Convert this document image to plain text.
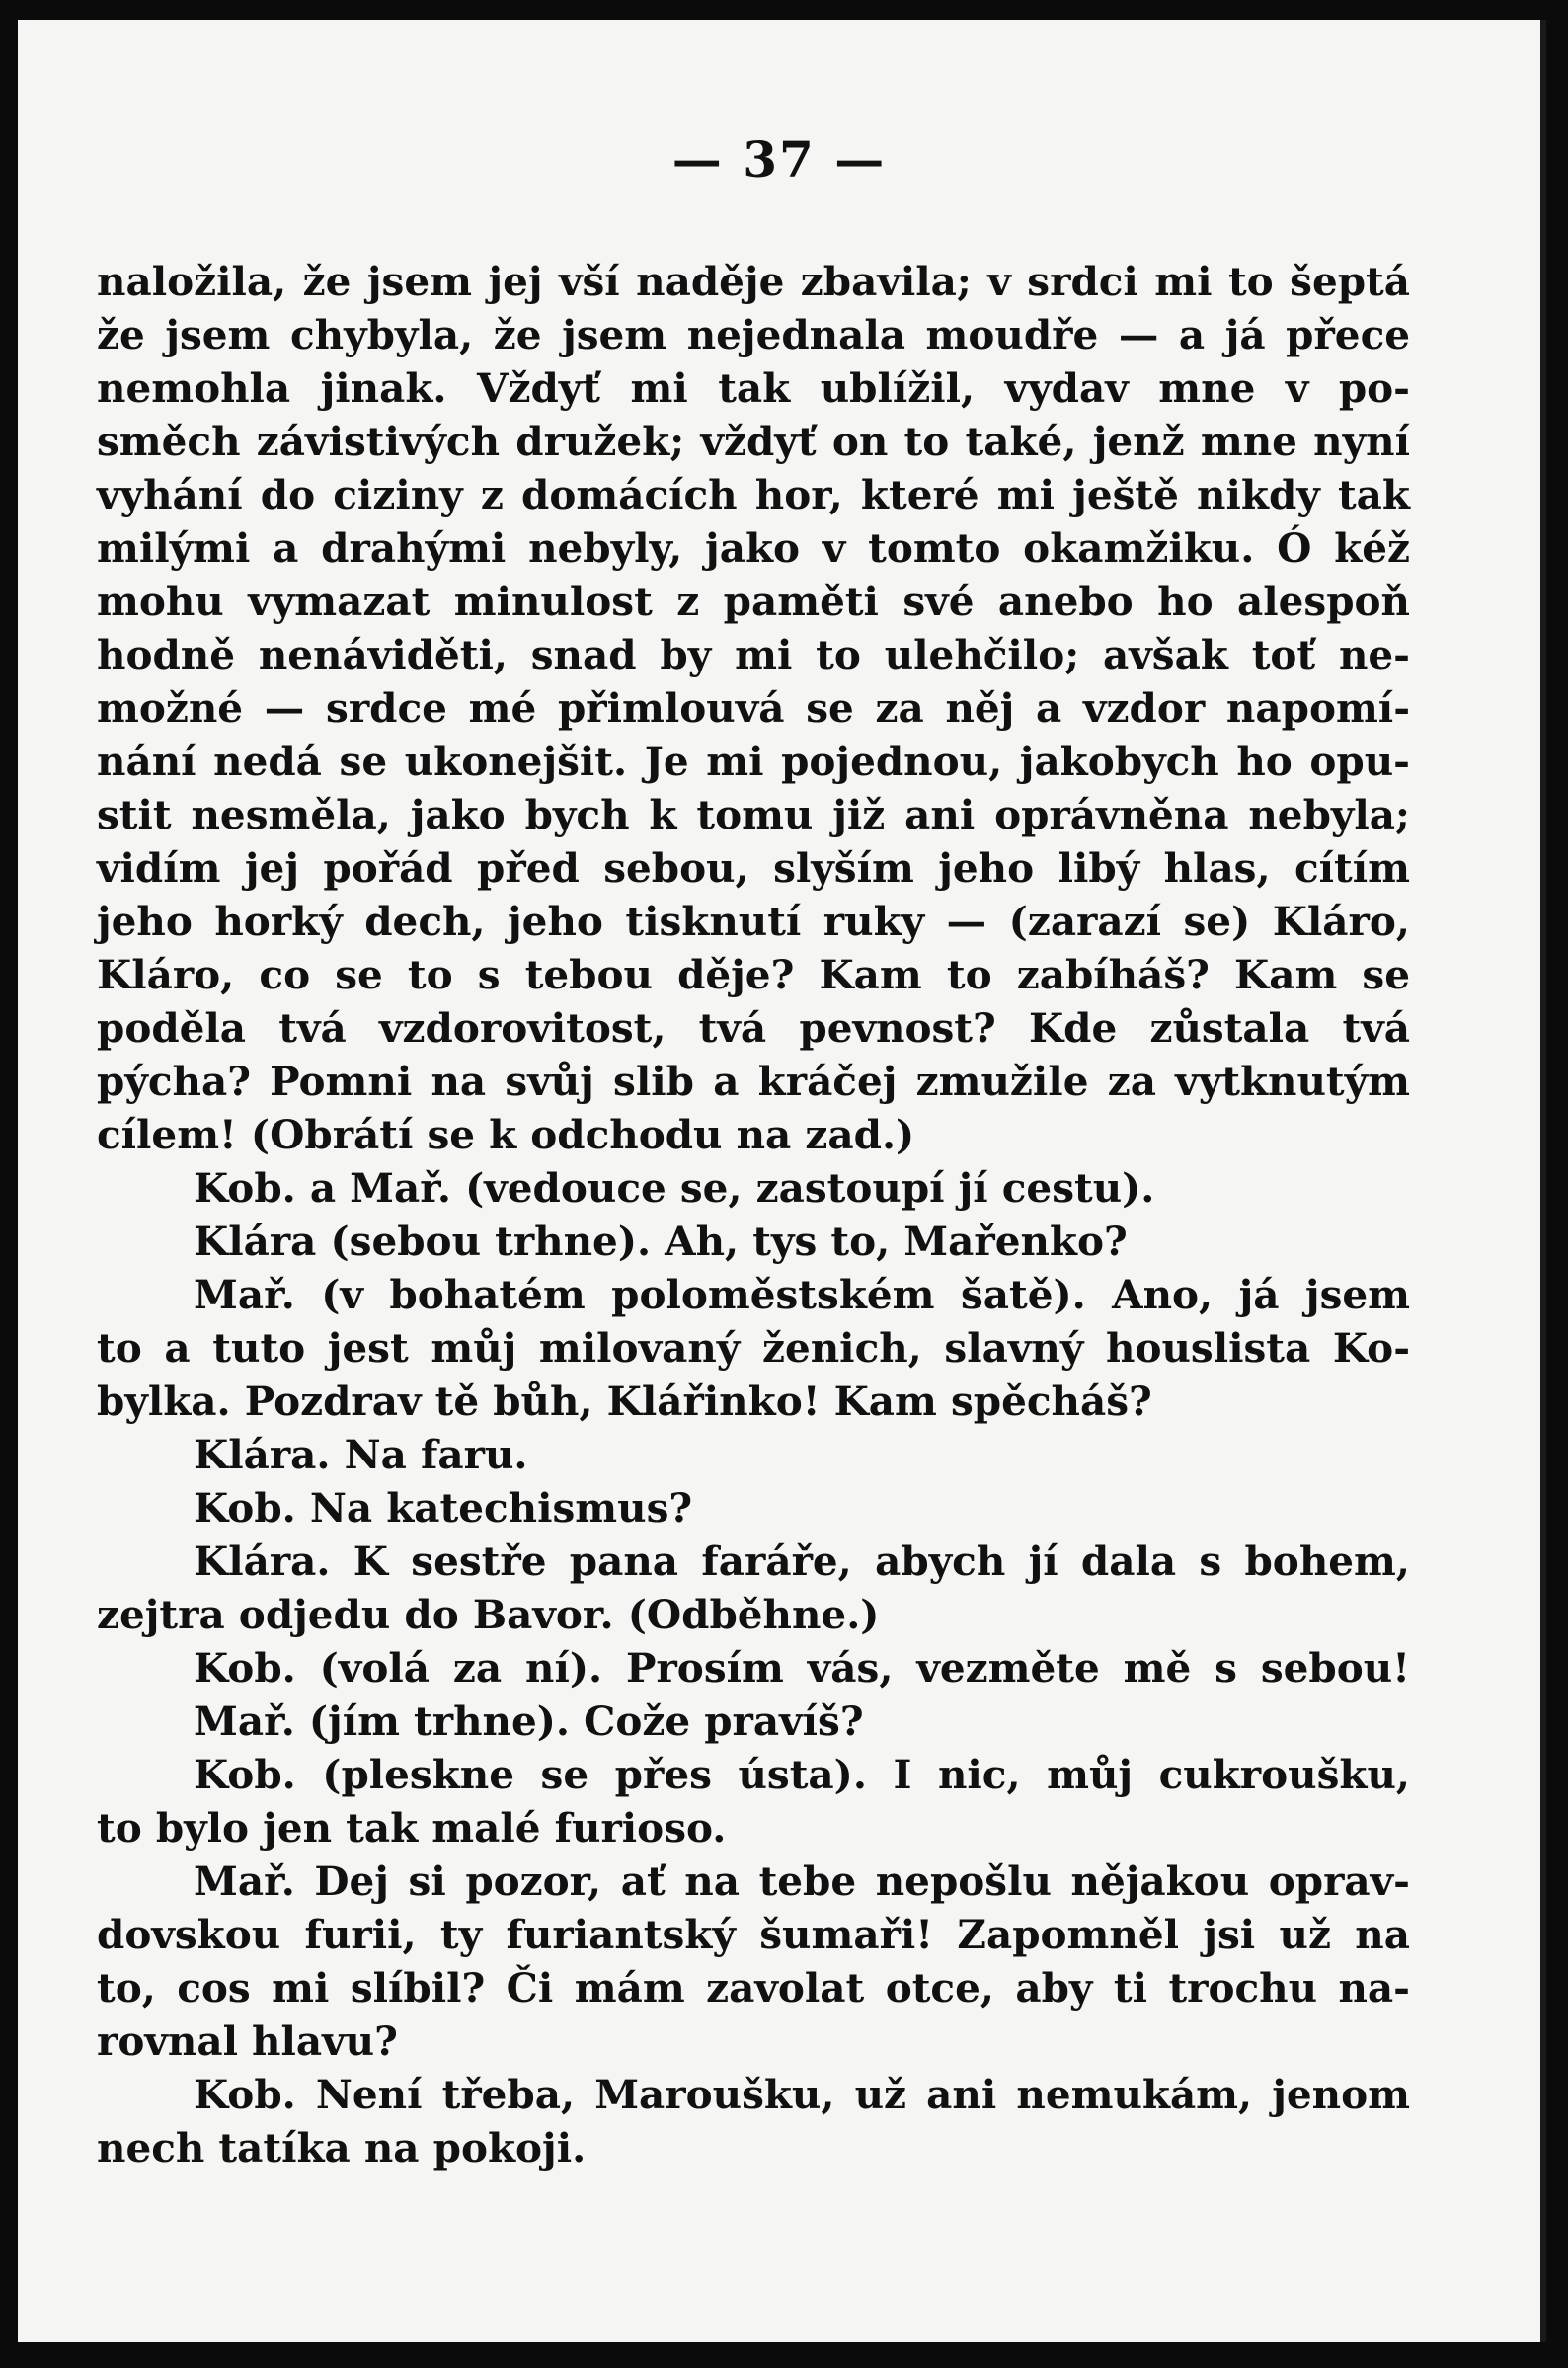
— 37 —
naložila, že jsem jej vší naděje zbavila; v srdci mi to šeptá
že jsem chybyla, že jsem nejednala moudře — a já přece
nemohla jinak. Vždyť mi tak ublížil, vydav mne v po-
směch závistivých družek; vždyť on to také, jenž mne nyní
vyhání do ciziny z domácích hor, které mi ještě nikdy tak
milými a drahými nebyly, jako v tomto okamžiku. Ó kéž
mohu vymazat minulost z paměti své anebo ho alespoň
hodně nenáviděti, snad by mi to ulehčilo; avšak toť ne-
možné — srdce mé přimlouvá se za něj a vzdor napomí-
nání nedá se ukonejšit. Je mi pojednou, jakobych ho opu-
stit nesměla, jako bych k tomu již ani oprávněna nebyla;
vidím jej pořád před sebou, slyším jeho libý hlas, cítím
jeho horký dech, jeho tisknutí ruky — (zarazí se) Kláro,
Kláro, co se to s tebou děje? Kam to zabíháš? Kam se
poděla tvá vzdorovitost, tvá pevnost? Kde zůstala tvá
pýcha? Pomni na svůj slib a kráčej zmužile za vytknutým
cílem! (Obrátí se k odchodu na zad.)
Kob. a Mař. (vedouce se, zastoupí jí cestu).
Klára (sebou trhne). Ah, tys to, Mařenko?
Mař. (v bohatém poloměstském šatě). Ano, já jsem
to a tuto jest můj milovaný ženich, slavný houslista Ko-
bylka. Pozdrav tě bůh, Klářinko! Kam spěcháš?
Klára. Na faru.
Kob. Na katechismus?
Klára. K sestře pana faráře, abych jí dala s bohem,
zejtra odjedu do Bavor. (Odběhne.)
Kob. (volá za ní). Prosím vás, vezměte mě s sebou!
Mař. (jím trhne). Cože pravíš?
Kob. (pleskne se přes ústa). I nic, můj cukroušku,
to bylo jen tak malé furioso.
Mař. Dej si pozor, ať na tebe nepošlu nějakou oprav-
dovskou furii, ty furiantský šumaři! Zapomněl jsi už na
to, cos mi slíbil? Či mám zavolat otce, aby ti trochu na-
rovnal hlavu?
Kob. Není třeba, Maroušku, už ani nemukám, jenom
nech tatíka na pokoji.
